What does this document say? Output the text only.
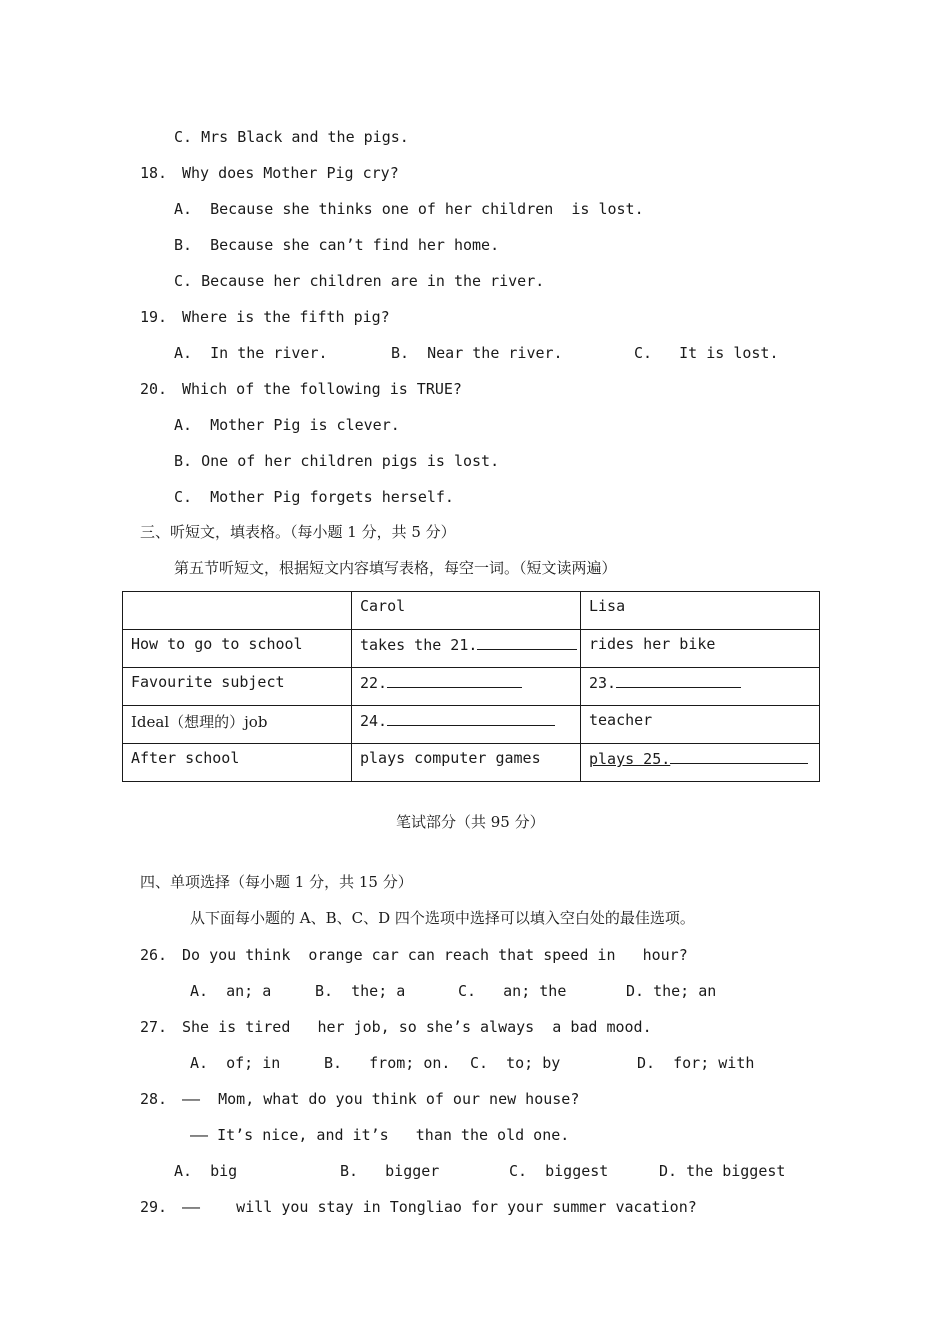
C. Mrs Black and the pigs.
18. Why does Mother Pig cry?
A.  Because she thinks one of her children  is lost.
B.  Because she can’t find her home.
C. Because her children are in the river.
19. Where is the fifth pig?
A.  In the river.	B.  Near the river.	C.   It is lost.
20. Which of the following is TRUE?
A.  Mother Pig is clever.
B. One of her children pigs is lost.
C.  Mother Pig forgets herself.
三、听短文，填表格。（每小题 1 分，共 5 分）
第五节听短文，根据短文内容填写表格，每空一词。（短文读两遍）

	Carol	Lisa

How to go to school	takes the 21.	rides her bike

Favourite subject	22.	23.

Ideal（想理的）job	24.	teacher

After school	plays computer games	plays 25.
笔试部分（共 95 分）
四、单项选择（每小题 1 分，共 15 分）
从下面每小题的 A、B、C、D 四个选项中选择可以填入空白处的最佳选项。
26. Do you think  orange car can reach that speed in   hour?
A.  an; a	B.  the; a	C.   an; the	D. the; an
27. She is tired   her job, so she’s always  a bad mood.
A.  of; in	B.   from; on. C.  to; by	D.  for; with
28. ——  Mom, what do you think of our new house?
—— It’s nice, and it’s   than the old one.
A.  big	B.   bigger	C.  biggest	D. the biggest
29. ——    will you stay in Tongliao for your summer vacation?
